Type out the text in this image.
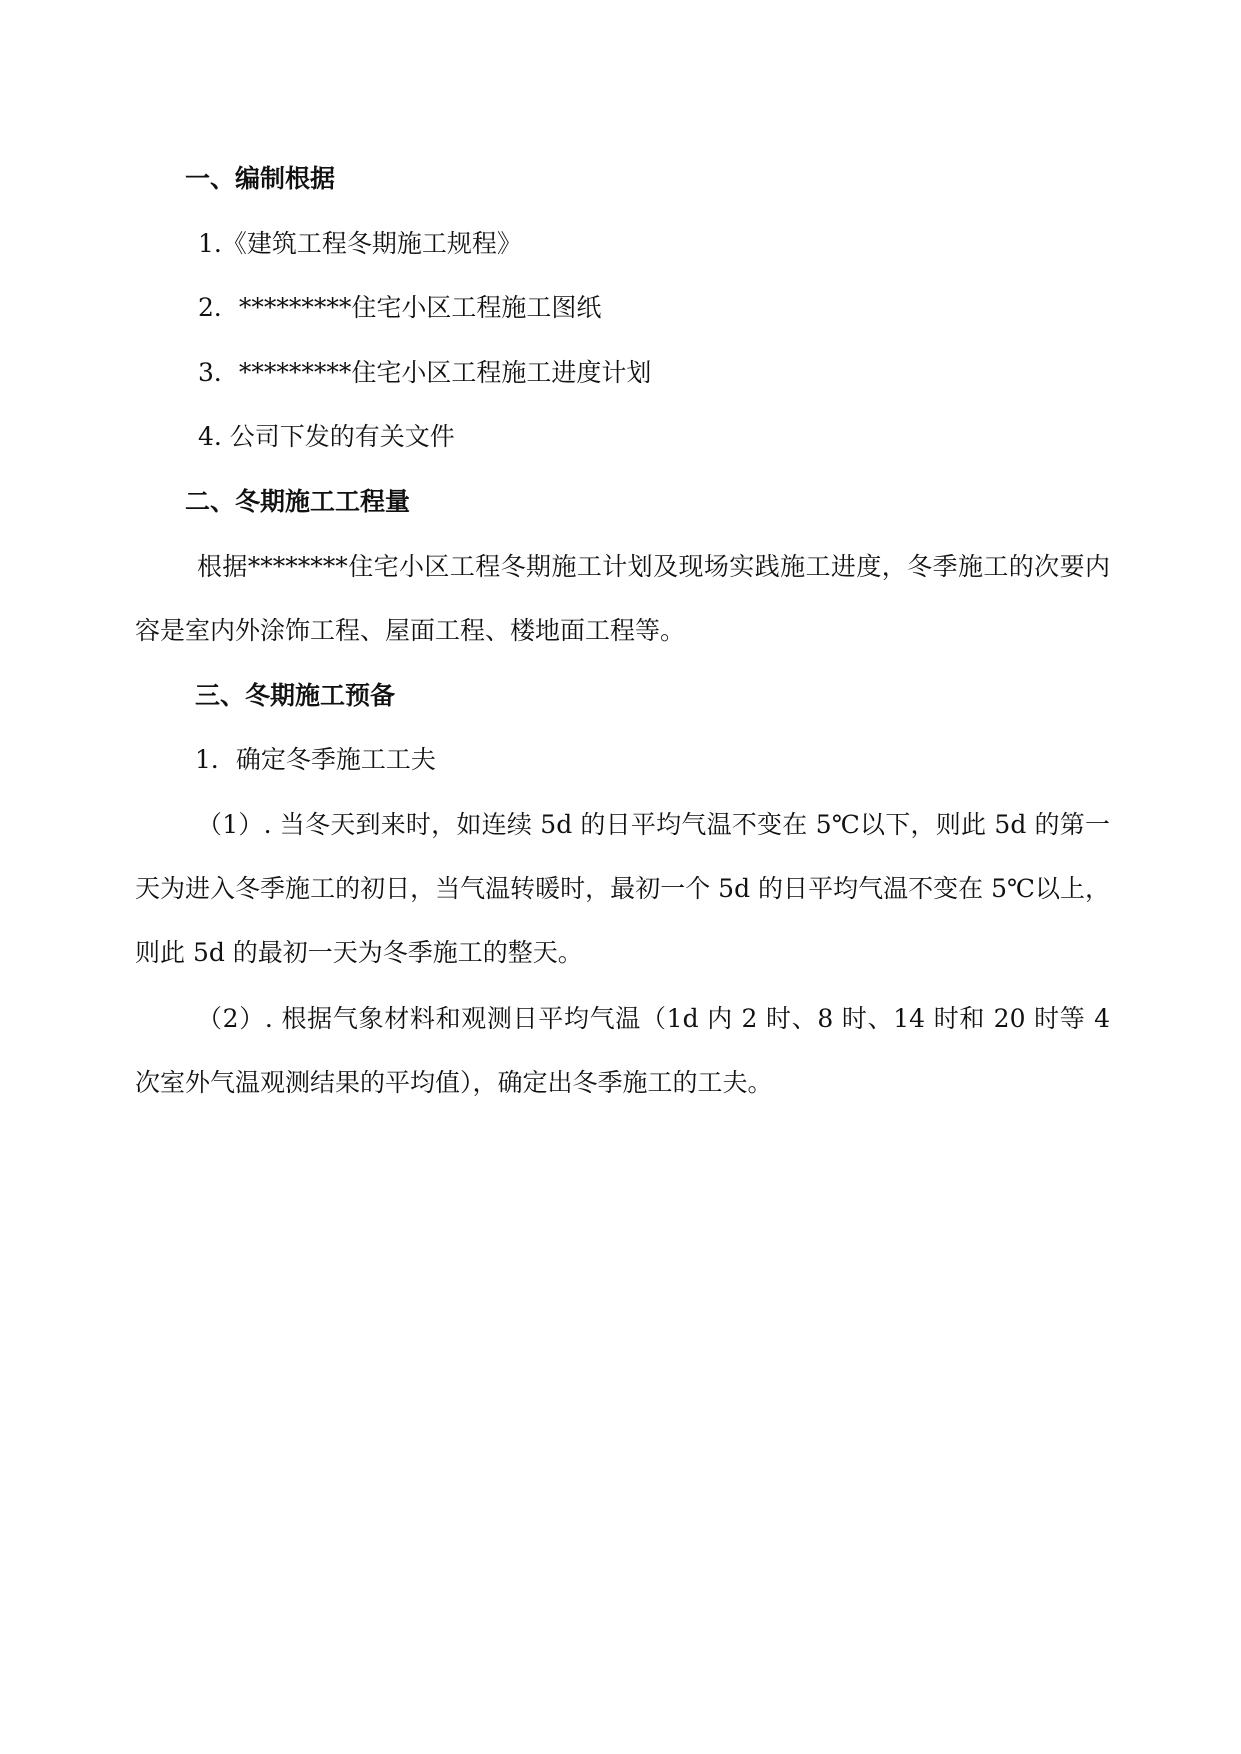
一、编制根据
1.《建筑工程冬期施工规程》
2．*********住宅小区工程施工图纸
3．*********住宅小区工程施工进度计划
4. 公司下发的有关文件
二、冬期施工工程量
根据********住宅小区工程冬期施工计划及现场实践施工进度，冬季施工的次要内容是室内外涂饰工程、屋面工程、楼地面工程等。
三、冬期施工预备
1．确定冬季施工工夫
（1）. 当冬天到来时，如连续 5d 的日平均气温不变在 5℃以下，则此 5d 的第一天为进入冬季施工的初日，当气温转暖时，最初一个 5d 的日平均气温不变在 5℃以上，则此 5d 的最初一天为冬季施工的整天。
（2）. 根据气象材料和观测日平均气温（1d 内 2 时、8 时、14 时和 20 时等 4 次室外气温观测结果的平均值），确定出冬季施工的工夫。
